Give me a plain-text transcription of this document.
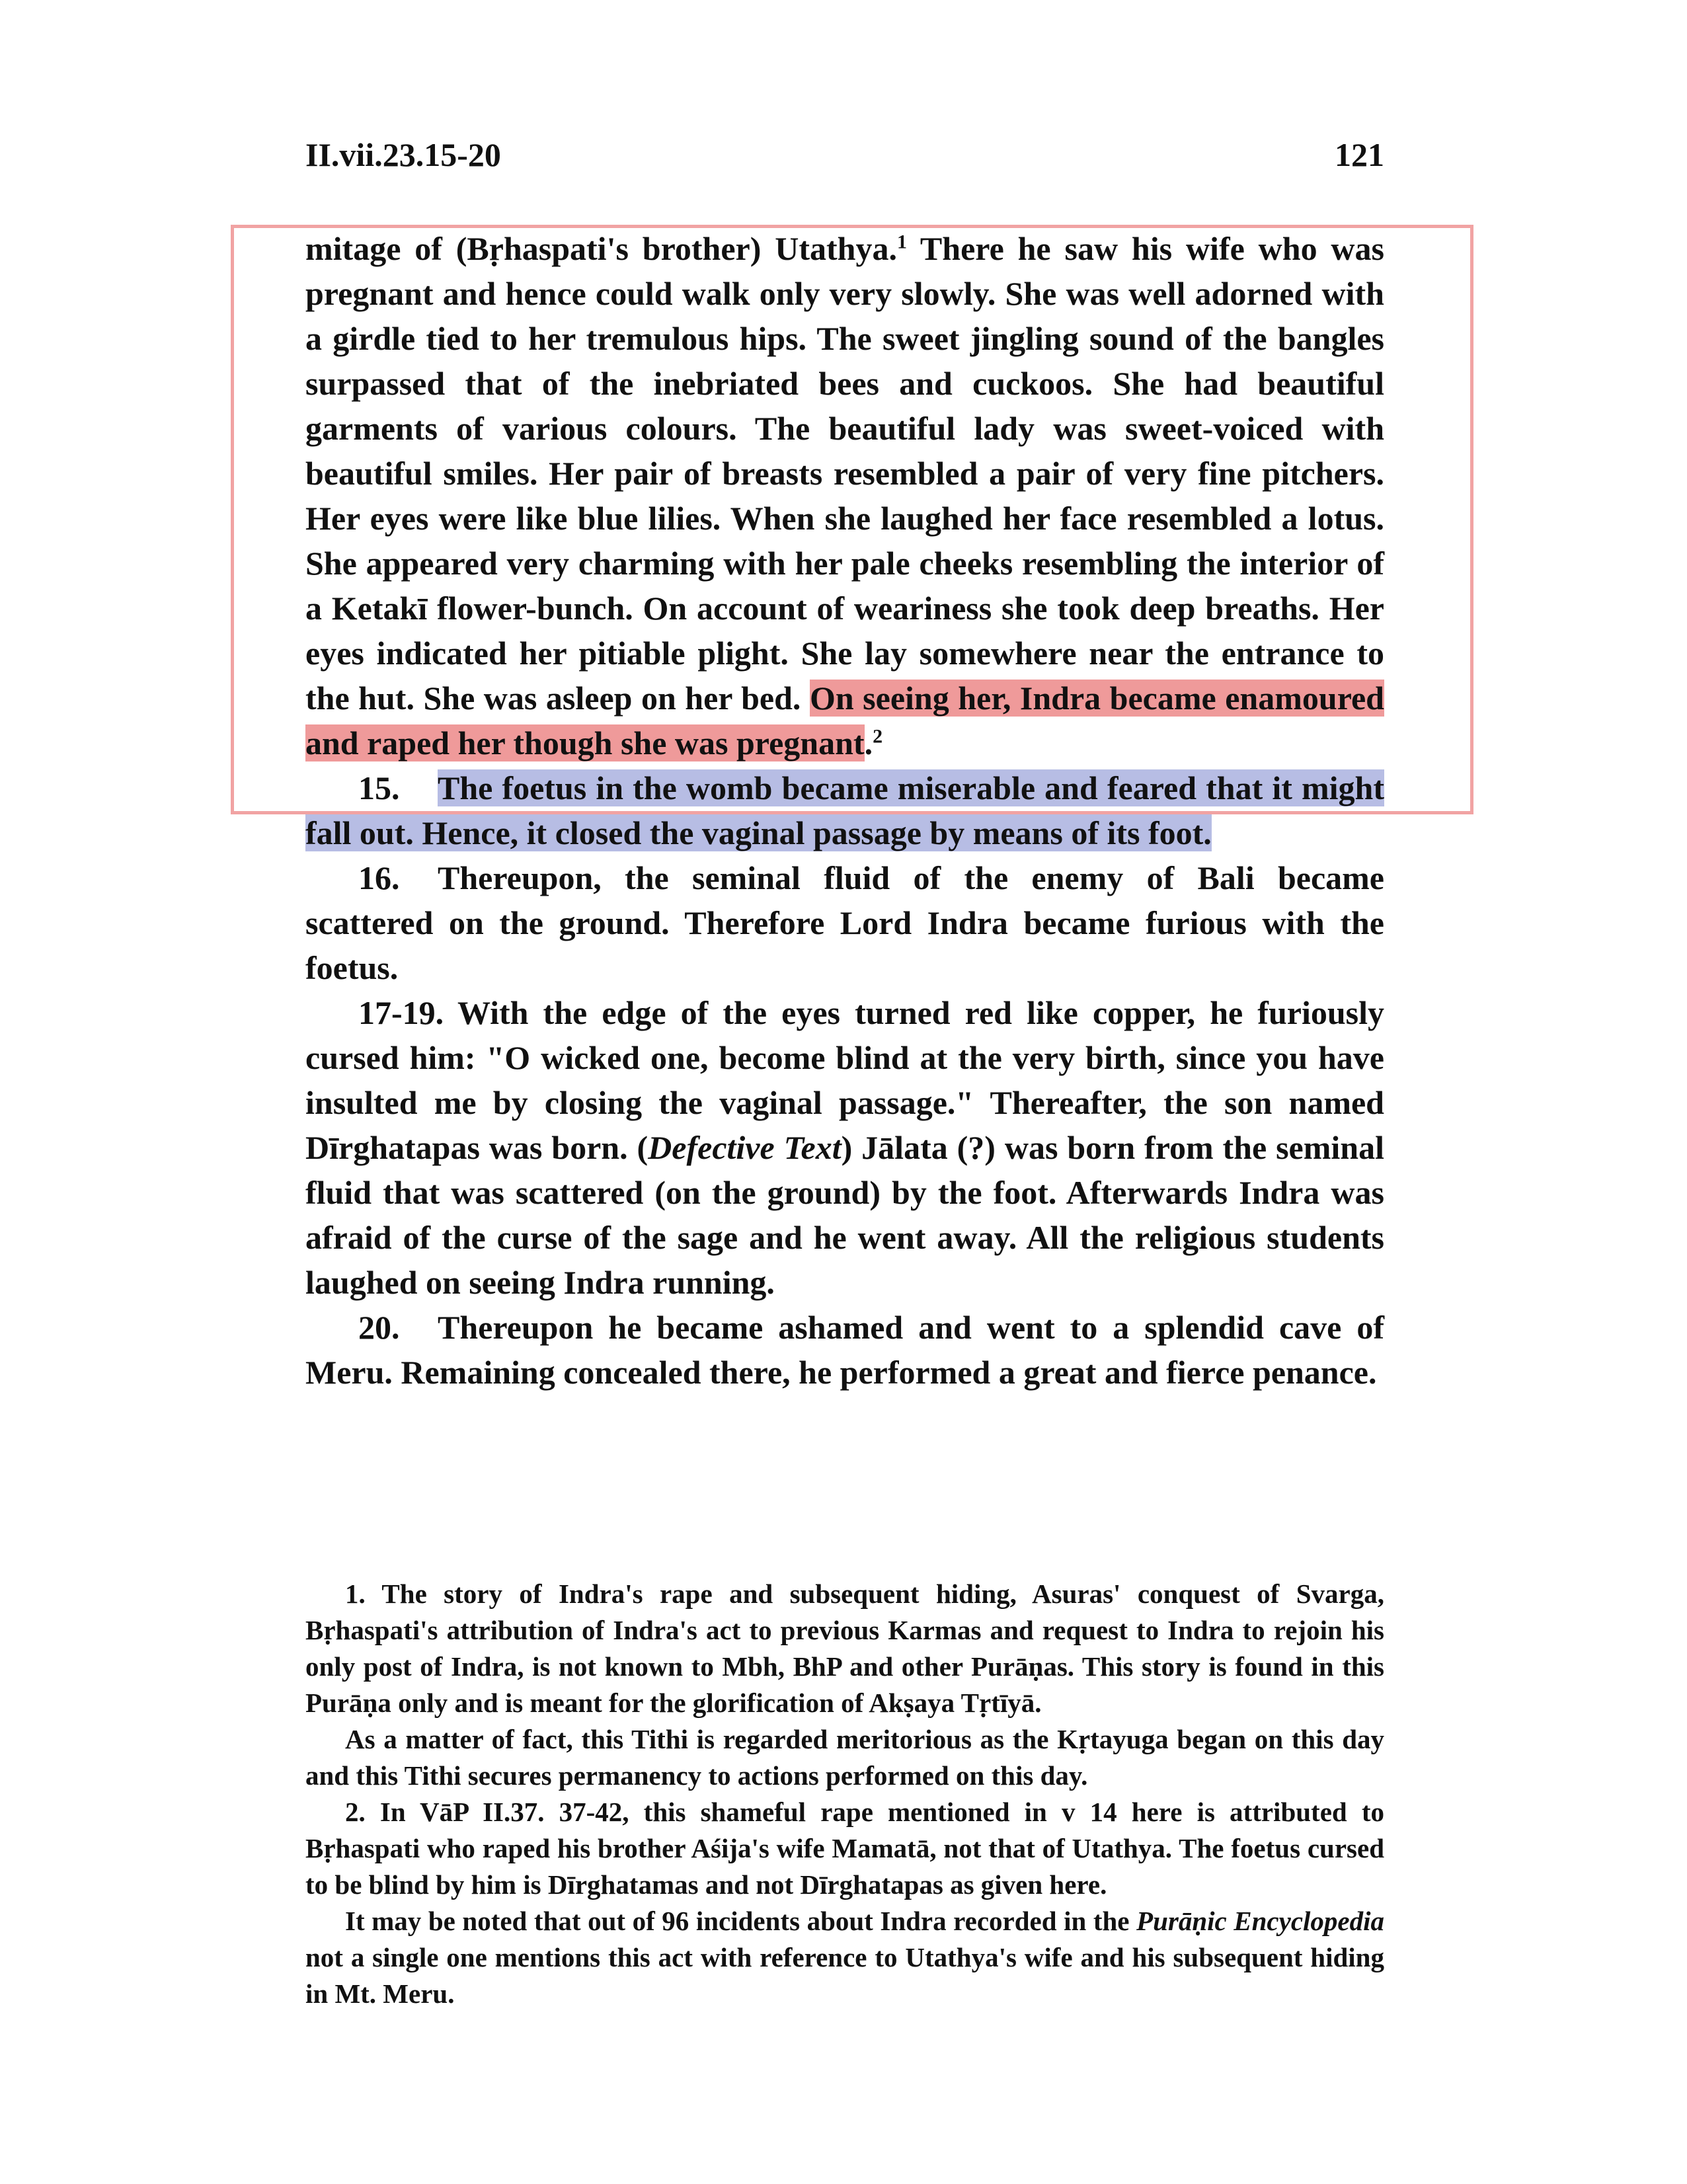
II.vii.23.15-20	121

mitage of (Bṛhaspati's brother) Utathya.$^1$ There he saw his wife who was pregnant and hence could walk only very slowly. She was well adorned with a girdle tied to her tremulous hips. The sweet jingling sound of the bangles surpassed that of the inebriated bees and cuckoos. She had beautiful garments of various colours. The beautiful lady was sweet-voiced with beautiful smiles. Her pair of breasts resembled a pair of very fine pitchers. Her eyes were like blue lilies. When she laughed her face resembled a lotus. She appeared very charming with her pale cheeks resembling the interior of a Ketakī flower-bunch. On account of weariness she took deep breaths. Her eyes indicated her pitiable plight. She lay somewhere near the entrance to the hut. She was asleep on her bed. On seeing her, Indra became enamoured and raped her though she was pregnant.$^2$

15. The foetus in the womb became miserable and feared that it might fall out. Hence, it closed the vaginal passage by means of its foot.

16. Thereupon, the seminal fluid of the enemy of Bali became scattered on the ground. Therefore Lord Indra became furious with the foetus.

17-19. With the edge of the eyes turned red like copper, he furiously cursed him: "O wicked one, become blind at the very birth, since you have insulted me by closing the vaginal passage." Thereafter, the son named Dīrghatapas was born. (Defective Text) Jālata (?) was born from the seminal fluid that was scattered (on the ground) by the foot. Afterwards Indra was afraid of the curse of the sage and he went away. All the religious students laughed on seeing Indra running.

20. Thereupon he became ashamed and went to a splendid cave of Meru. Remaining concealed there, he performed a great and fierce penance.

1. The story of Indra's rape and subsequent hiding, Asuras' conquest of Svarga, Bṛhaspati's attribution of Indra's act to previous Karmas and request to Indra to rejoin his only post of Indra, is not known to Mbh, BhP and other Purāṇas. This story is found in this Purāṇa only and is meant for the glorification of Akṣaya Tṛtīyā.

As a matter of fact, this Tithi is regarded meritorious as the Kṛtayuga began on this day and this Tithi secures permanency to actions performed on this day.

2. In VāP II.37. 37-42, this shameful rape mentioned in v 14 here is attributed to Bṛhaspati who raped his brother Aśija's wife Mamatā, not that of Utathya. The foetus cursed to be blind by him is Dīrghatamas and not Dīrghatapas as given here.

It may be noted that out of 96 incidents about Indra recorded in the Purāṇic Encyclopedia not a single one mentions this act with reference to Utathya's wife and his subsequent hiding in Mt. Meru.
